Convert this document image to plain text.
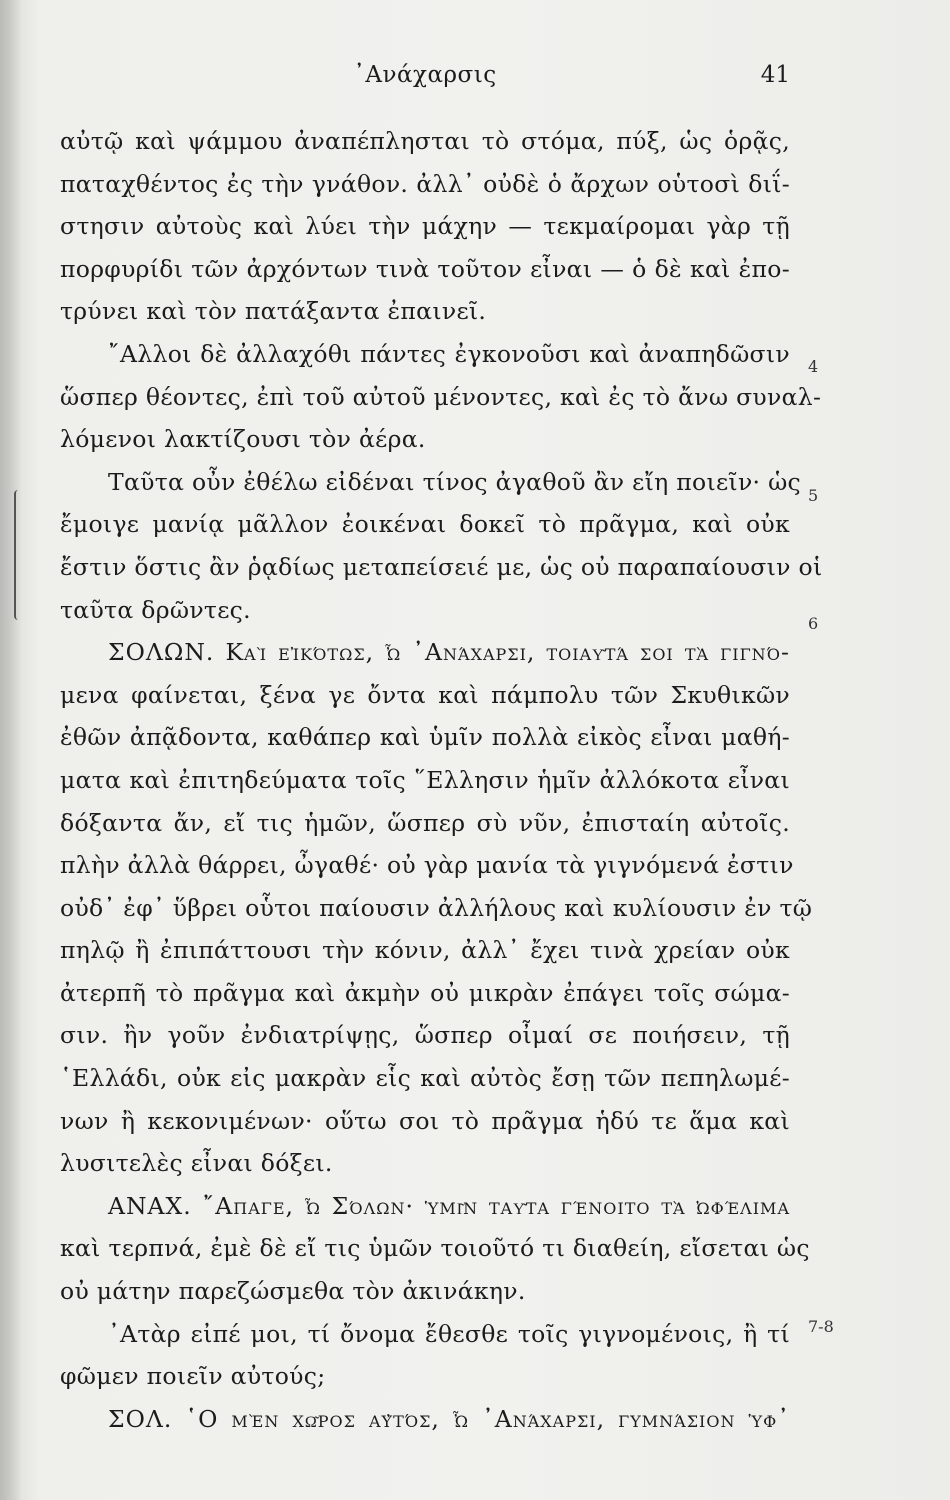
᾿Ανάχαρσις	41
αὐτῷ καὶ ψάμμου ἀναπέπλησται τὸ στόμα, πύξ, ὡς ὁρᾷς,
παταχθέντος ἐς τὴν γνάθον. ἀλλ᾿ οὐδὲ ὁ ἄρχων οὑτοσὶ διΐ-
στησιν αὐτοὺς καὶ λύει τὴν μάχην — τεκμαίρομαι γὰρ τῇ
πορφυρίδι τῶν ἀρχόντων τινὰ τοῦτον εἶναι — ὁ δὲ καὶ ἐπο-
τρύνει καὶ τὸν πατάξαντα ἐπαινεῖ.
῎Αλλοι δὲ ἀλλαχόθι πάντες ἐγκονοῦσι καὶ ἀναπηδῶσιν
ὥσπερ θέοντες, ἐπὶ τοῦ αὐτοῦ μένοντες, καὶ ἐς τὸ ἄνω συναλ-
λόμενοι λακτίζουσι τὸν ἀέρα.
Ταῦτα οὖν ἐθέλω εἰδέναι τίνος ἀγαθοῦ ἂν εἴη ποιεῖν· ὡς
ἔμοιγε μανίᾳ μᾶλλον ἐοικέναι δοκεῖ τὸ πρᾶγμα, καὶ οὐκ
ἔστιν ὅστις ἂν ῥᾳδίως μεταπείσειέ με, ὡς οὐ παραπαίουσιν οἱ
ταῦτα δρῶντες.
ΣΟΛΩΝ. Καὶ εἰκότως, ὦ ᾿Ανάχαρσι, τοιαῦτά σοι τὰ γιγνό-
μενα φαίνεται, ξένα γε ὄντα καὶ πάμπολυ τῶν Σκυθικῶν
ἐθῶν ἀπᾷδοντα, καθάπερ καὶ ὑμῖν πολλὰ εἰκὸς εἶναι μαθή-
ματα καὶ ἐπιτηδεύματα τοῖς ῞Ελλησιν ἡμῖν ἀλλόκοτα εἶναι
δόξαντα ἄν, εἴ τις ἡμῶν, ὥσπερ σὺ νῦν, ἐπισταίη αὐτοῖς.
πλὴν ἀλλὰ θάρρει, ὦγαθέ· οὐ γὰρ μανία τὰ γιγνόμενά ἐστιν
οὐδ᾿ ἐφ᾿ ὕβρει οὗτοι παίουσιν ἀλλήλους καὶ κυλίουσιν ἐν τῷ
πηλῷ ἢ ἐπιπάττουσι τὴν κόνιν, ἀλλ᾿ ἔχει τινὰ χρείαν οὐκ
ἀτερπῆ τὸ πρᾶγμα καὶ ἀκμὴν οὐ μικρὰν ἐπάγει τοῖς σώμα-
σιν. ἢν γοῦν ἐνδιατρίψῃς, ὥσπερ οἶμαί σε ποιήσειν, τῇ
῾Ελλάδι, οὐκ εἰς μακρὰν εἷς καὶ αὐτὸς ἔσῃ τῶν πεπηλωμέ-
νων ἢ κεκονιμένων· οὕτω σοι τὸ πρᾶγμα ἡδύ τε ἅμα καὶ
λυσιτελὲς εἶναι δόξει.
ΑΝΑΧ. ῎Απαγε, ὦ Σόλων· ὑμῖν ταῦτα γένοιτο τὰ ὠφέλιμα
καὶ τερπνά, ἐμὲ δὲ εἴ τις ὑμῶν τοιοῦτό τι διαθείη, εἴσεται ὡς
οὐ μάτην παρεζώσμεθα τὸν ἀκινάκην.
᾿Ατὰρ εἰπέ μοι, τί ὄνομα ἔθεσθε τοῖς γιγνομένοις, ἢ τί
φῶμεν ποιεῖν αὐτούς;
ΣΟΛ. ῾Ο μὲν χῶρος αὐτός, ὦ ᾿Ανάχαρσι, γυμνάσιον ὑφ᾿
4
5
6
7-8
